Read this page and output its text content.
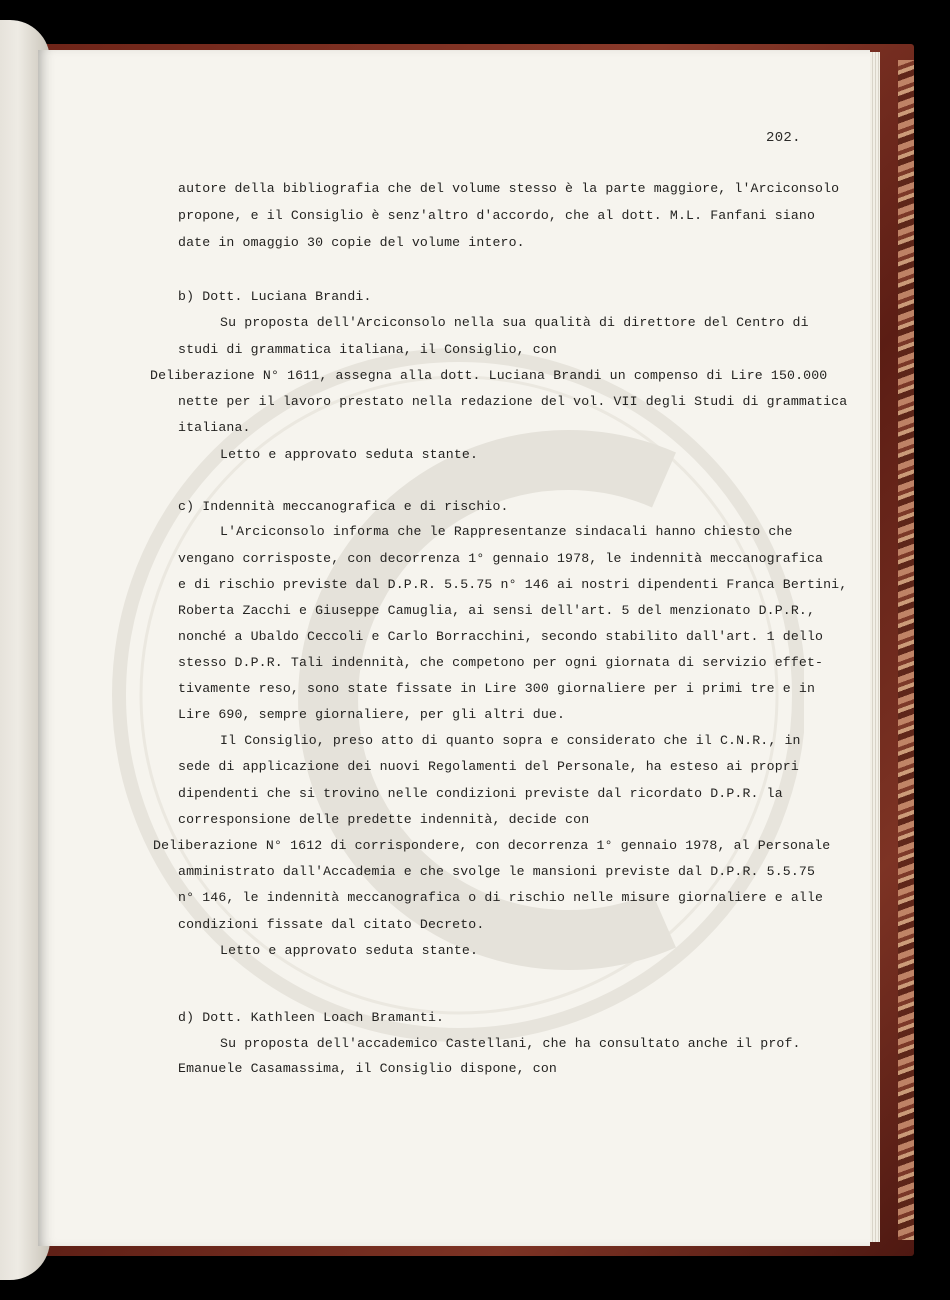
202.
autore della bibliografia che del volume stesso è la parte maggiore, l'Arciconsolo
propone, e il Consiglio è senz'altro d'accordo, che al dott. M.L. Fanfani siano
date in omaggio 30 copie del volume intero.
b) Dott. Luciana Brandi.
Su proposta dell'Arciconsolo nella sua qualità di direttore del Centro di
studi di grammatica italiana, il Consiglio, con
Deliberazione N° 1611, assegna alla dott. Luciana Brandi un compenso di Lire 150.000
nette per il lavoro prestato nella redazione del vol. VII degli Studi di grammatica
italiana.
Letto e approvato seduta stante.
c) Indennità meccanografica e di rischio.
L'Arciconsolo informa che le Rappresentanze sindacali hanno chiesto che
vengano corrisposte, con decorrenza 1° gennaio 1978, le indennità meccanografica
e di rischio previste dal D.P.R. 5.5.75 n° 146 ai nostri dipendenti Franca Bertini,
Roberta Zacchi e Giuseppe Camuglia, ai sensi dell'art. 5 del menzionato D.P.R.,
nonché a Ubaldo Ceccoli e Carlo Borracchini, secondo stabilito dall'art. 1 dello
stesso D.P.R. Tali indennità, che competono per ogni giornata di servizio effet-
tivamente reso, sono state fissate in Lire 300 giornaliere per i primi tre e in
Lire 690, sempre giornaliere, per gli altri due.
Il Consiglio, preso atto di quanto sopra e considerato che il C.N.R., in
sede di applicazione dei nuovi Regolamenti del Personale, ha esteso ai propri
dipendenti che si trovino nelle condizioni previste dal ricordato D.P.R. la
corresponsione delle predette indennità, decide con
Deliberazione N° 1612 di corrispondere, con decorrenza 1° gennaio 1978, al Personale
amministrato dall'Accademia e che svolge le mansioni previste dal D.P.R. 5.5.75
n° 146, le indennità meccanografica o di rischio nelle misure giornaliere e alle
condizioni fissate dal citato Decreto.
Letto e approvato seduta stante.
d) Dott. Kathleen Loach Bramanti.
Su proposta dell'accademico Castellani, che ha consultato anche il prof.
Emanuele Casamassima, il Consiglio dispone, con
